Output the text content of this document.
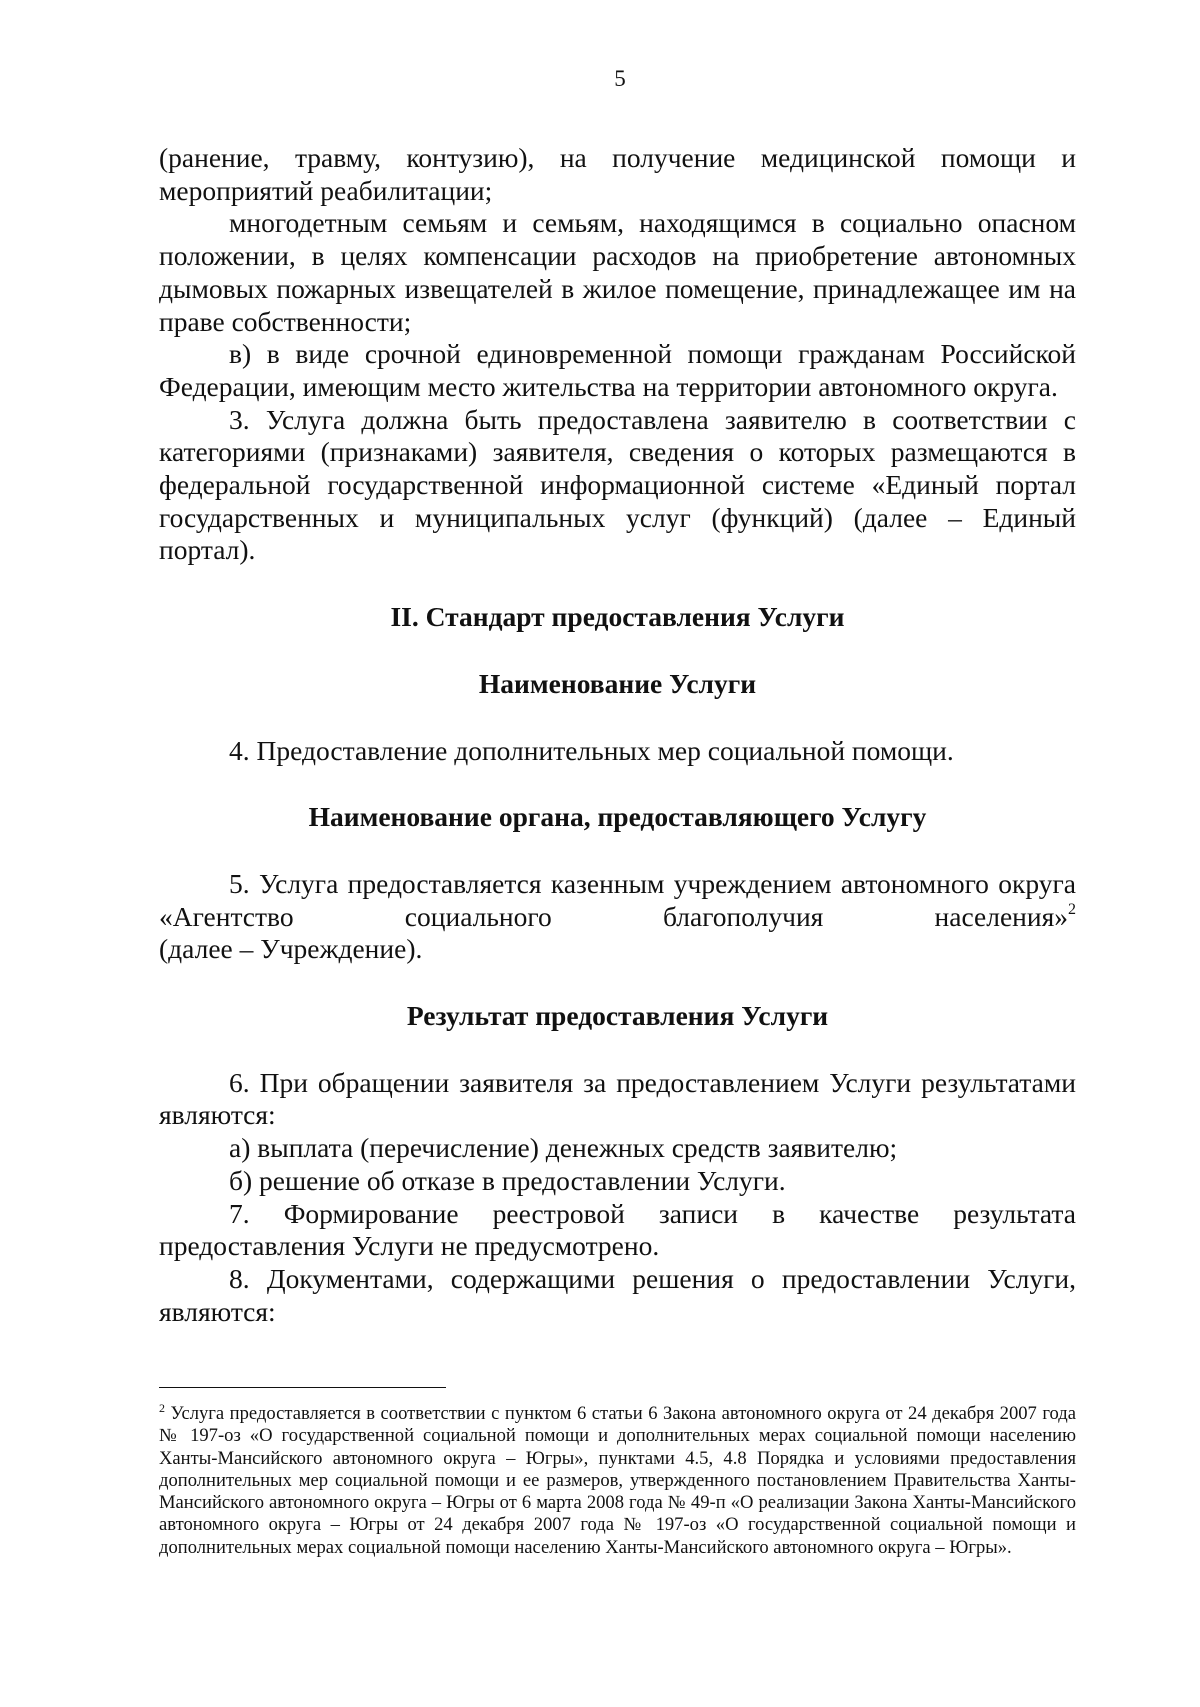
5

(ранение, травму, контузию), на получение медицинской помощи и мероприятий реабилитации;

многодетным семьям и семьям, находящимся в социально опасном положении, в целях компенсации расходов на приобретение автономных дымовых пожарных извещателей в жилое помещение, принадлежащее им на праве собственности;

в) в виде срочной единовременной помощи гражданам Российской Федерации, имеющим место жительства на территории автономного округа.

3. Услуга должна быть предоставлена заявителю в соответствии с категориями (признаками) заявителя, сведения о которых размещаются в федеральной государственной информационной системе «Единый портал государственных и муниципальных услуг (функций) (далее – Единый портал).

II. Стандарт предоставления Услуги

Наименование Услуги

4. Предоставление дополнительных мер социальной помощи.

Наименование органа, предоставляющего Услугу

5. Услуга предоставляется казенным учреждением автономного округа «Агентство социального благополучия населения»$^2$

(далее – Учреждение).

Результат предоставления Услуги

6. При обращении заявителя за предоставлением Услуги результатами являются:

а) выплата (перечисление) денежных средств заявителю;

б) решение об отказе в предоставлении Услуги.

7. Формирование реестровой записи в качестве результата предоставления Услуги не предусмотрено.

8. Документами, содержащими решения о предоставлении Услуги, являются:

$^2$ Услуга предоставляется в соответствии с пунктом 6 статьи 6 Закона автономного округа от 24 декабря 2007 года № 197-оз «О государственной социальной помощи и дополнительных мерах социальной помощи населению Ханты-Мансийского автономного округа – Югры», пунктами 4.5, 4.8 Порядка и условиями предоставления дополнительных мер социальной помощи и ее размеров, утвержденного постановлением Правительства Ханты-Мансийского автономного округа – Югры от 6 марта 2008 года № 49-п «О реализации Закона Ханты-Мансийского автономного округа – Югры от 24 декабря 2007 года № 197-оз «О государственной социальной помощи и дополнительных мерах социальной помощи населению Ханты-Мансийского автономного округа – Югры».
